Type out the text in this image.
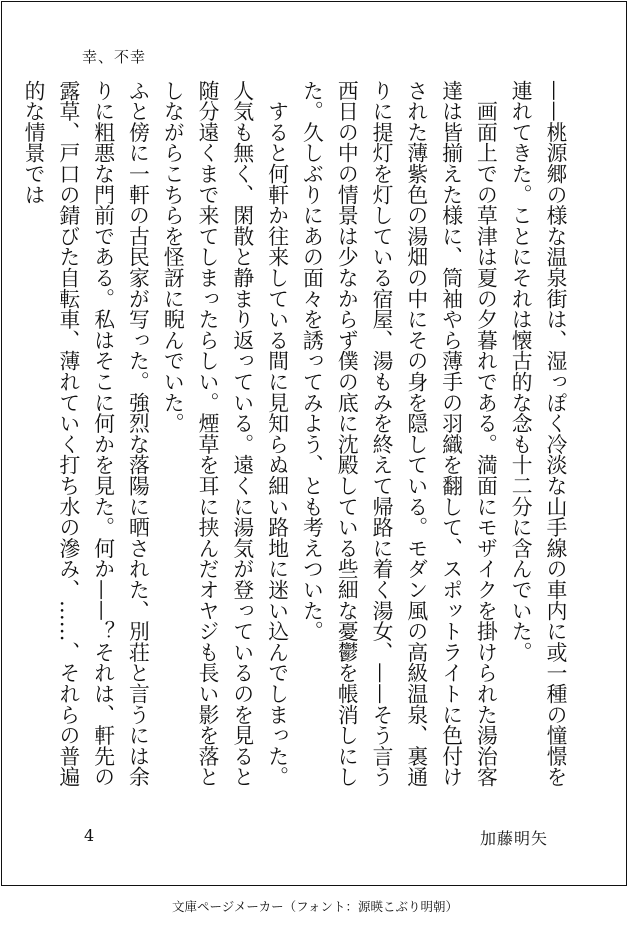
幸、不幸

——桃源郷の様な温泉街は、湿っぽく冷淡な山手線の車内に或一種の憧憬を連れてきた。ことにそれは懐古的な念も十二分に含んでいた。

　画面上での草津は夏の夕暮れである。満面にモザイクを掛けられた湯治客達は皆揃えた様に、筒袖やら薄手の羽織を翻して、スポットライトに色付けされた薄紫色の湯畑の中にその身を隠している。モダン風の高級温泉、裏通りに提灯を灯している宿屋、湯もみを終えて帰路に着く湯女、——そう言う西日の中の情景は少なからず僕の底に沈殿している些細な憂鬱を帳消しにした。久しぶりにあの面々を誘ってみよう、とも考えついた。

　すると何軒か往来している間に見知らぬ細い路地に迷い込んでしまった。人気も無く、閑散と静まり返っている。遠くに湯気が登っているのを見ると随分遠くまで来てしまったらしい。煙草を耳に挟んだオヤジも長い影を落としながらこちらを怪訝に睨んでいた。

ふと傍に一軒の古民家が写った。強烈な落陽に晒された、別荘と言うには余りに粗悪な門前である。私はそこに何かを見た。何か——？それは、軒先の露草、戸口の錆びた自転車、薄れていく打ち水の滲み、……、それらの普遍的な情景では

4	加藤明矢
文庫ページメーカー（フォント：源暎こぶり明朝）
